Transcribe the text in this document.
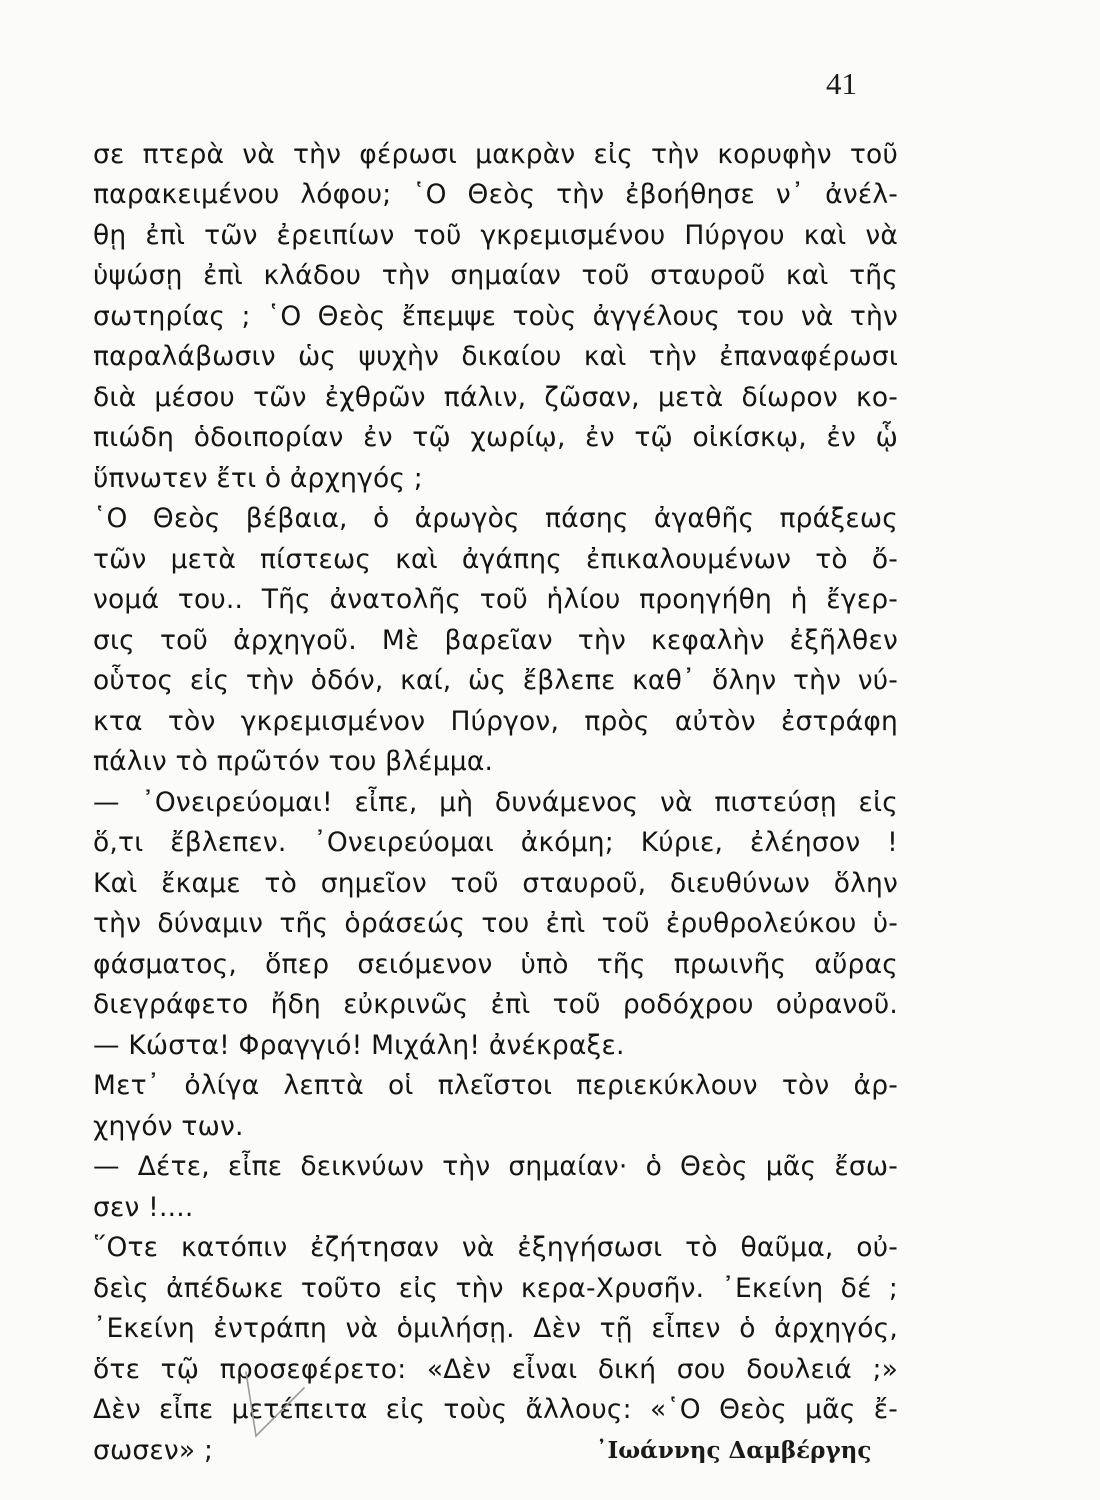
41
σε πτερὰ νὰ τὴν φέρωσι μακρὰν εἰς τὴν κορυφὴν τοῦ
παρακειμένου λόφου; ῾Ο Θεὸς τὴν ἐβοήθησε ν᾿ ἀνέλ-
θῃ ἐπὶ τῶν ἐρειπίων τοῦ γκρεμισμένου Πύργου καὶ νὰ
ὑψώσῃ ἐπὶ κλάδου τὴν σημαίαν τοῦ σταυροῦ καὶ τῆς
σωτηρίας ; ῾Ο Θεὸς ἔπεμψε τοὺς ἀγγέλους του νὰ τὴν
παραλάβωσιν ὡς ψυχὴν δικαίου καὶ τὴν ἐπαναφέρωσι
διὰ μέσου τῶν ἐχθρῶν πάλιν, ζῶσαν, μετὰ δίωρον κο-
πιώδη ὁδοιπορίαν ἐν τῷ χωρίῳ, ἐν τῷ οἰκίσκῳ, ἐν ᾧ
ὕπνωτεν ἔτι ὁ ἀρχηγός ;
῾Ο Θεὸς βέβαια, ὁ ἀρωγὸς πάσης ἀγαθῆς πράξεως
τῶν μετὰ πίστεως καὶ ἀγάπης ἐπικαλουμένων τὸ ὄ-
νομά του.. Τῆς ἀνατολῆς τοῦ ἡλίου προηγήθη ἡ ἔγερ-
σις τοῦ ἀρχηγοῦ. Μὲ βαρεῖαν τὴν κεφαλὴν ἐξῆλθεν
οὗτος εἰς τὴν ὁδόν, καί, ὡς ἔβλεπε καθ᾿ ὅλην τὴν νύ-
κτα τὸν γκρεμισμένον Πύργον, πρὸς αὐτὸν ἐστράφη
πάλιν τὸ πρῶτόν του βλέμμα.
— ᾿Ονειρεύομαι! εἶπε, μὴ δυνάμενος νὰ πιστεύσῃ εἰς
ὅ,τι ἔβλεπεν. ᾿Ονειρεύομαι ἀκόμη; Κύριε, ἐλέησον !
Καὶ ἔκαμε τὸ σημεῖον τοῦ σταυροῦ, διευθύνων ὅλην
τὴν δύναμιν τῆς ὁράσεώς του ἐπὶ τοῦ ἐρυθρολεύκου ὑ-
φάσματος, ὅπερ σειόμενον ὑπὸ τῆς πρωινῆς αὔρας
διεγράφετο ἤδη εὐκρινῶς ἐπὶ τοῦ ροδόχρου οὐρανοῦ.
— Κώστα! Φραγγιό! Μιχάλη! ἀνέκραξε.
Μετ᾿ ὀλίγα λεπτὰ οἱ πλεῖστοι περιεκύκλουν τὸν ἀρ-
χηγόν των.
— Δέτε, εἶπε δεικνύων τὴν σημαίαν· ὁ Θεὸς μᾶς ἔσω-
σεν !....
῞Οτε κατόπιν ἐζήτησαν νὰ ἐξηγήσωσι τὸ θαῦμα, οὐ-
δεὶς ἀπέδωκε τοῦτο εἰς τὴν κερα-Χρυσῆν. ᾿Εκείνη δέ ;
᾿Εκείνη ἐντράπη νὰ ὁμιλήσῃ. Δὲν τῇ εἶπεν ὁ ἀρχηγός,
ὅτε τῷ προσεφέρετο: «Δὲν εἶναι δική σου δουλειά ;»
Δὲν εἶπε μετέπειτα εἰς τοὺς ἄλλους: «῾Ο Θεὸς μᾶς ἔ-
σωσεν» ;	᾿Ιωάννης Δαμβέργης
